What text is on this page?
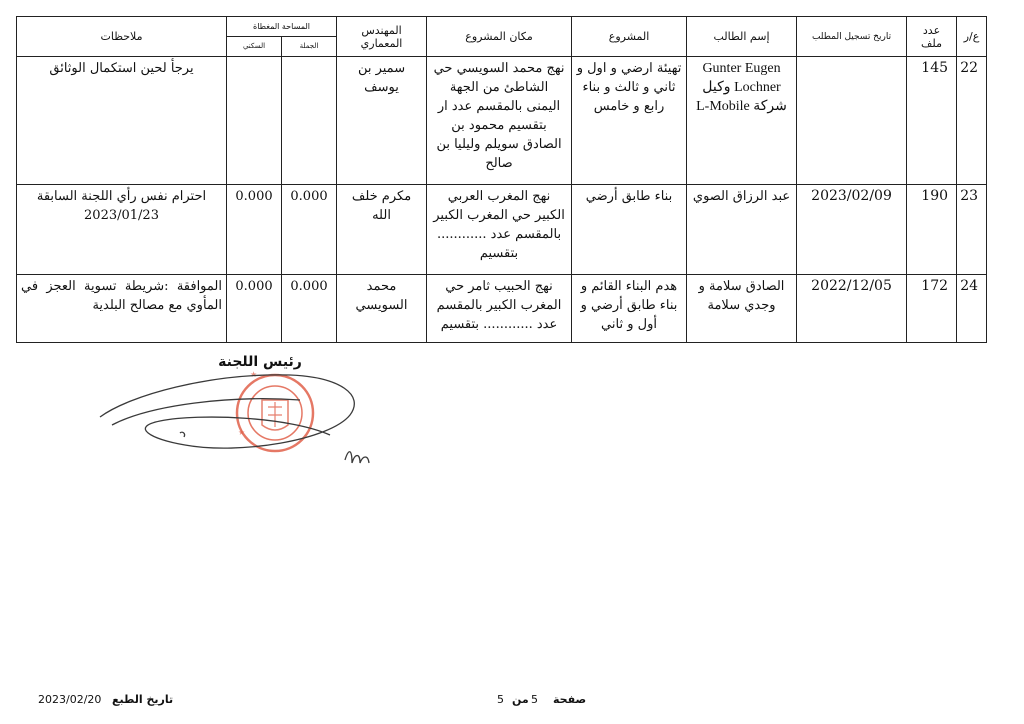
ع/ر	عدد ملف	تاريخ تسجيل المطلب	إسم الطالب	المشروع	مكان المشروع	المهندس المعماري	المساحة المغطاة		ملاحظات
							الجملة	السكني	
22	145		Gunter Eugen Lochner وكيل شركة L-Mobile	تهيئة ارضي و اول و ثاني و ثالث و بناء رابع و خامس	نهج محمد السويسي حي الشاطئ من الجهة اليمنى بالمقسم عدد ار بتقسيم محمود بن الصادق سويلم وليليا بن صالح	سمير بن يوسف			يرجأ لحين استكمال الوثائق
23	190	2023/02/09	عبد الرزاق الصوي	بناء طابق أرضي	نهج المغرب العربي الكبير حي المغرب الكبير بالمقسم عدد ............ بتقسيم	مكرم خلف الله	0.000	0.000	احترام نفس رأي اللجنة السابقة 2023/01/23
24	172	2022/12/05	الصادق سلامة و وجدي سلامة	هدم البناء القائم و بناء طابق أرضي و أول و ثاني	نهج الحبيب ثامر حي المغرب الكبير بالمقسم عدد ............ بتقسيم	محمد السويسي	0.000	0.000	الموافقة :شريطة تسوية العجز في المأوي مع مصالح البلدية
رئيس اللجنة
★
★
2023/02/20 تاريخ الطبع	5 من 5 صفحة
